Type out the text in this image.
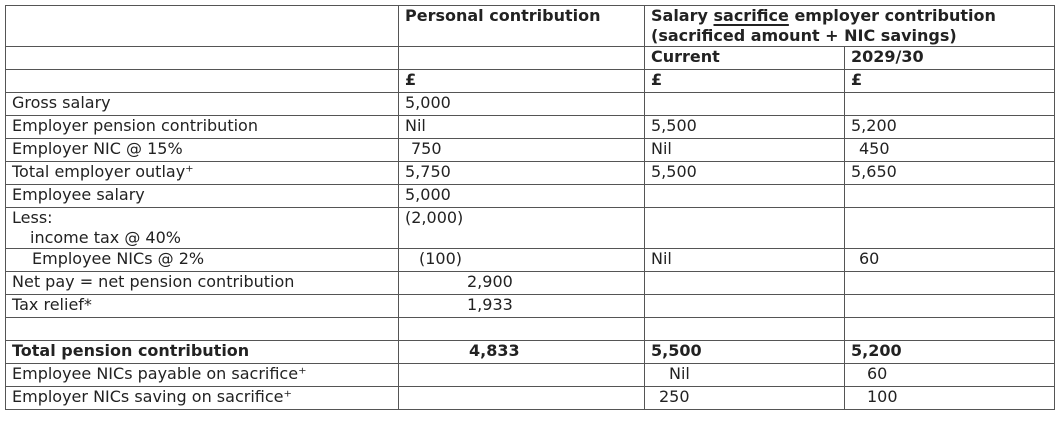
	Personal contribution	Salary sacrifice employer contribution
(sacrificed amount + NIC savings)	
		Current	2029/30
	£	£	£
Gross salary	5,000		
Employer pension contribution	Nil	5,500	5,200
Employer NIC @ 15%	750	Nil	450
Total employer outlay⁺	5,750	5,500	5,650
Employee salary	5,000		
Less:
income tax @ 40%	(2,000)		
Employee NICs @ 2%	(100)	Nil	60
Net pay = net pension contribution	2,900		
Tax relief*	1,933		

Total pension contribution	4,833	5,500	5,200
Employee NICs payable on sacrifice⁺		Nil	60
Employer NICs saving on sacrifice⁺		250	100
